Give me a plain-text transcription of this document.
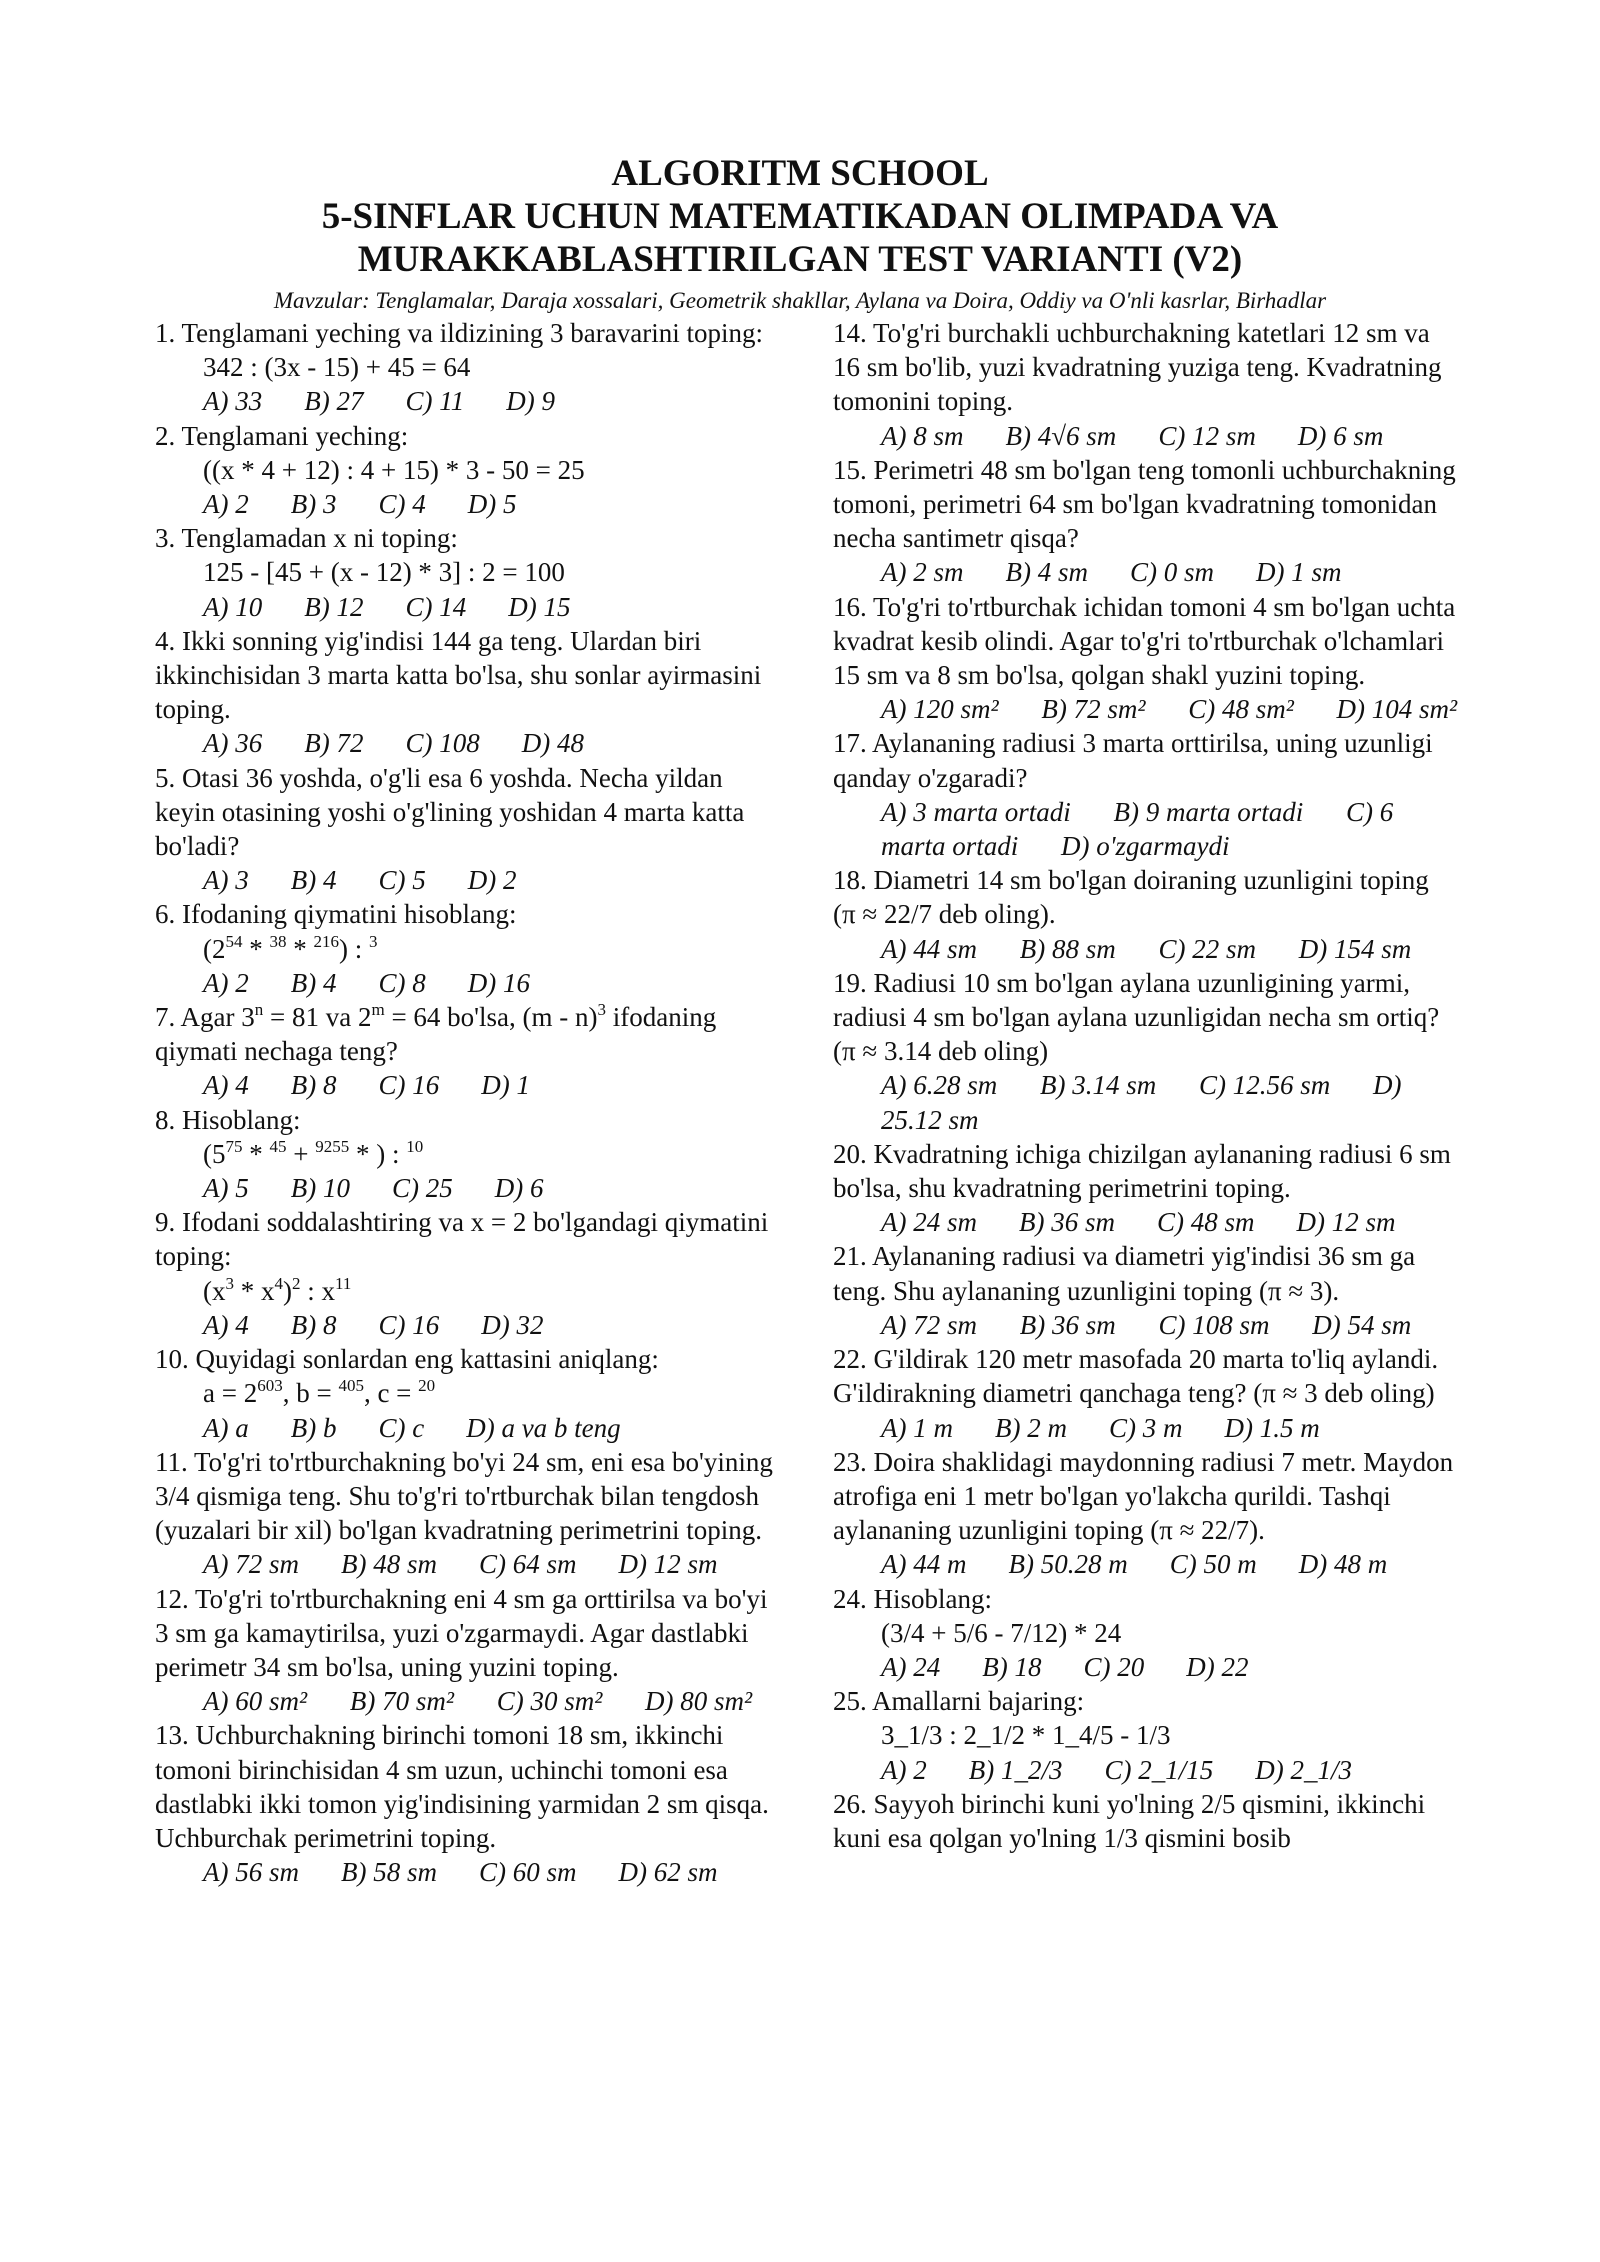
ALGORITM SCHOOL
5-SINFLAR UCHUN MATEMATIKADAN OLIMPADA VA
MURAKKABLASHTIRILGAN TEST VARIANTI (V2)
Mavzular: Tenglamalar, Daraja xossalari, Geometrik shakllar, Aylana va Doira, Oddiy va O'nli kasrlar, Birhadlar
1. Tenglamani yeching va ildizining 3 baravarini toping:
342 : (3x - 15) + 45 = 64
A) 33 B) 27 C) 11 D) 9
2. Tenglamani yeching:
((x * 4 + 12) : 4 + 15) * 3 - 50 = 25
A) 2 B) 3 C) 4 D) 5
3. Tenglamadan x ni toping:
125 - [45 + (x - 12) * 3] : 2 = 100
A) 10 B) 12 C) 14 D) 15
4. Ikki sonning yig'indisi 144 ga teng. Ulardan biri ikkinchisidan 3 marta katta bo'lsa, shu sonlar ayirmasini toping.
A) 36 B) 72 C) 108 D) 48
5. Otasi 36 yoshda, o'g'li esa 6 yoshda. Necha yildan keyin otasining yoshi o'g'lining yoshidan 4 marta katta bo'ladi?
A) 3 B) 4 C) 5 D) 2
6. Ifodaning qiymatini hisoblang:
$(2^{54} * ^{38} * ^{216})$ : $^3$
A) 2 B) 4 C) 8 D) 16
7. Agar $3^n = 81$ va $2^m = 64$ bo'lsa, (m - n)$^3$ ifodaning qiymati nechaga teng?
A) 4 B) 8 C) 16 D) 1
8. Hisoblang:
($5^{75} * ^{45} + ^{9255}$ * ) : $^{10}$
A) 5 B) 10 C) 25 D) 6
9. Ifodani soddalashtiring va x = 2 bo'lgandagi qiymatini toping:
$(x^3 * x^4)^2$ : $x^{11}$
A) 4 B) 8 C) 16 D) 32
10. Quyidagi sonlardan eng kattasini aniqlang:
$a = 2^{603}$, b = $^{405}$, c = $^{20}$
A) a B) b C) c D) a va b teng
11. To'g'ri to'rtburchakning bo'yi 24 sm, eni esa bo'yining 3/4 qismiga teng. Shu to'g'ri to'rtburchak bilan tengdosh (yuzalari bir xil) bo'lgan kvadratning perimetrini toping.
A) 72 sm B) 48 sm C) 64 sm D) 12 sm
12. To'g'ri to'rtburchakning eni 4 sm ga orttirilsa va bo'yi 3 sm ga kamaytirilsa, yuzi o'zgarmaydi. Agar dastlabki perimetr 34 sm bo'lsa, uning yuzini toping.
A) 60 sm² B) 70 sm² C) 30 sm² D) 80 sm²
13. Uchburchakning birinchi tomoni 18 sm, ikkinchi tomoni birinchisidan 4 sm uzun, uchinchi tomoni esa dastlabki ikki tomon yig'indisining yarmidan 2 sm qisqa. Uchburchak perimetrini toping.
A) 56 sm B) 58 sm C) 60 sm D) 62 sm
14. To'g'ri burchakli uchburchakning katetlari 12 sm va 16 sm bo'lib, yuzi kvadratning yuziga teng. Kvadratning tomonini toping.
A) 8 sm B) 4√6 sm C) 12 sm D) 6 sm
15. Perimetri 48 sm bo'lgan teng tomonli uchburchakning tomoni, perimetri 64 sm bo'lgan kvadratning tomonidan necha santimetr qisqa?
A) 2 sm B) 4 sm C) 0 sm D) 1 sm
16. To'g'ri to'rtburchak ichidan tomoni 4 sm bo'lgan uchta kvadrat kesib olindi. Agar to'g'ri to'rtburchak o'lchamlari 15 sm va 8 sm bo'lsa, qolgan shakl yuzini toping.
A) 120 sm² B) 72 sm² C) 48 sm² D) 104 sm²
17. Aylananing radiusi 3 marta orttirilsa, uning uzunligi qanday o'zgaradi?
A) 3 marta ortadi B) 9 marta ortadi C) 6 marta ortadi D) o'zgarmaydi
18. Diametri 14 sm bo'lgan doiraning uzunligini toping (π ≈ 22/7 deb oling).
A) 44 sm B) 88 sm C) 22 sm D) 154 sm
19. Radiusi 10 sm bo'lgan aylana uzunligining yarmi, radiusi 4 sm bo'lgan aylana uzunligidan necha sm ortiq? (π ≈ 3.14 deb oling)
A) 6.28 sm B) 3.14 sm C) 12.56 sm D) 25.12 sm
20. Kvadratning ichiga chizilgan aylananing radiusi 6 sm bo'lsa, shu kvadratning perimetrini toping.
A) 24 sm B) 36 sm C) 48 sm D) 12 sm
21. Aylananing radiusi va diametri yig'indisi 36 sm ga teng. Shu aylananing uzunligini toping (π ≈ 3).
A) 72 sm B) 36 sm C) 108 sm D) 54 sm
22. G'ildirak 120 metr masofada 20 marta to'liq aylandi. G'ildirakning diametri qanchaga teng? (π ≈ 3 deb oling)
A) 1 m B) 2 m C) 3 m D) 1.5 m
23. Doira shaklidagi maydonning radiusi 7 metr. Maydon atrofiga eni 1 metr bo'lgan yo'lakcha qurildi. Tashqi aylananing uzunligini toping (π ≈ 22/7).
A) 44 m B) 50.28 m C) 50 m D) 48 m
24. Hisoblang:
(3/4 + 5/6 - 7/12) * 24
A) 24 B) 18 C) 20 D) 22
25. Amallarni bajaring:
3_1/3 : 2_1/2 * 1_4/5 - 1/3
A) 2 B) 1_2/3 C) 2_1/15 D) 2_1/3
26. Sayyoh birinchi kuni yo'lning 2/5 qismini, ikkinchi kuni esa qolgan yo'lning 1/3 qismini bosib
